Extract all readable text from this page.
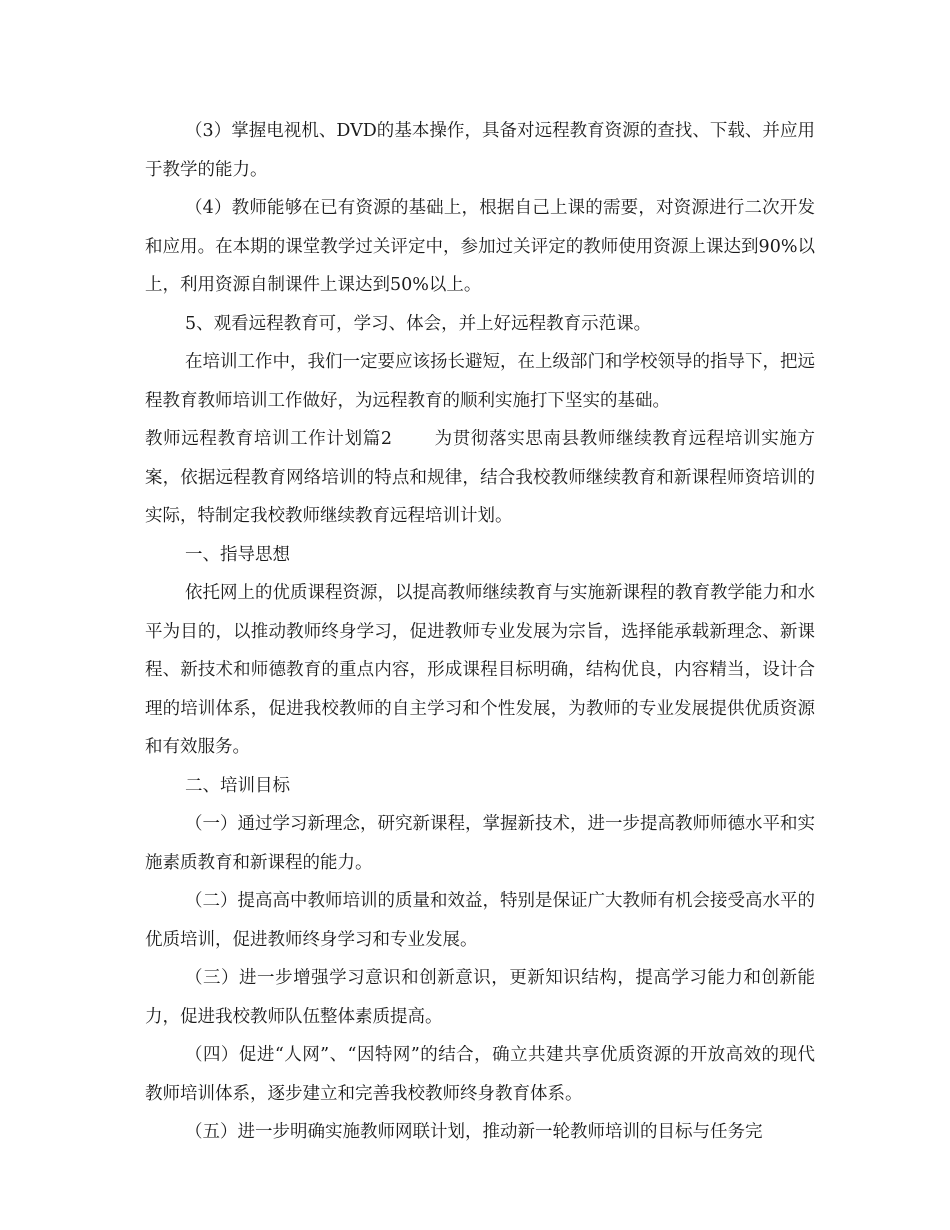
（3）掌握电视机、DVD的基本操作，具备对远程教育资源的查找、下载、并应用于教学的能力。

（4）教师能够在已有资源的基础上，根据自己上课的需要，对资源进行二次开发和应用。在本期的课堂教学过关评定中，参加过关评定的教师使用资源上课达到90%以上，利用资源自制课件上课达到50%以上。

5、观看远程教育可，学习、体会，并上好远程教育示范课。

在培训工作中，我们一定要应该扬长避短，在上级部门和学校领导的指导下，把远程教育教师培训工作做好，为远程教育的顺利实施打下坚实的基础。

教师远程教育培训工作计划篇2 为贯彻落实思南县教师继续教育远程培训实施方案，依据远程教育网络培训的特点和规律，结合我校教师继续教育和新课程师资培训的实际，特制定我校教师继续教育远程培训计划。

一、指导思想

依托网上的优质课程资源，以提高教师继续教育与实施新课程的教育教学能力和水平为目的，以推动教师终身学习，促进教师专业发展为宗旨，选择能承载新理念、新课程、新技术和师德教育的重点内容，形成课程目标明确，结构优良，内容精当，设计合理的培训体系，促进我校教师的自主学习和个性发展，为教师的专业发展提供优质资源和有效服务。

二、培训目标

（一）通过学习新理念，研究新课程，掌握新技术，进一步提高教师师德水平和实施素质教育和新课程的能力。

（二）提高高中教师培训的质量和效益，特别是保证广大教师有机会接受高水平的优质培训，促进教师终身学习和专业发展。

（三）进一步增强学习意识和创新意识，更新知识结构，提高学习能力和创新能力，促进我校教师队伍整体素质提高。

（四）促进“人网”、“因特网”的结合，确立共建共享优质资源的开放高效的现代教师培训体系，逐步建立和完善我校教师终身教育体系。

（五）进一步明确实施教师网联计划，推动新一轮教师培训的目标与任务完
